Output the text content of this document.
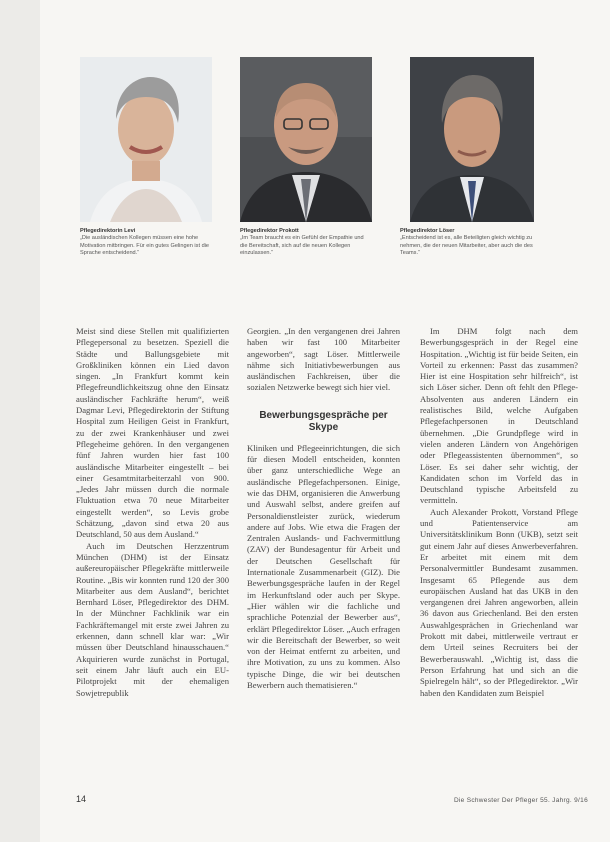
Pflegedirektorin Levi
„Die ausländischen Kollegen müssen eine hohe Motivation mitbringen. Für ein gutes Gelingen ist die Sprache entscheidend.“
Pflegedirektor Prokott
„Im Team braucht es ein Gefühl der Empathie und die Bereitschaft, sich auf die neuen Kollegen einzulassen.“
Pflegedirektor Löser
„Entscheidend ist es, alle Beteiligten gleich wichtig zu nehmen, die der neuen Mitarbeiter, aber auch die des Teams.“

Meist sind diese Stellen mit qualifizierten Pflegepersonal zu besetzen. Speziell die Städte und Ballungsgebiete mit Großkliniken können ein Lied davon singen. „In Frankfurt kommt kein Pflegefreundlichkeitszug ohne den Einsatz ausländischer Fachkräfte herum“, weiß Dagmar Levi, Pflegedirektorin der Stiftung Hospital zum Heiligen Geist in Frankfurt, zu der zwei Krankenhäuser und zwei Pflegeheime gehören. In den vergangenen fünf Jahren wurden hier fast 100 ausländische Mitarbeiter eingestellt – bei einer Gesamtmitarbeiterzahl von 900. „Jedes Jahr müssen durch die normale Fluktuation etwa 70 neue Mitarbeiter eingestellt werden“, so Levis grobe Schätzung, „davon sind etwa 20 aus Deutschland, 50 aus dem Ausland.“

Auch im Deutschen Herzzentrum München (DHM) ist der Einsatz außereuropäischer Pflegekräfte mittlerweile Routine. „Bis wir konnten rund 120 der 300 Mitarbeiter aus dem Ausland“, berichtet Bernhard Löser, Pflegedirektor des DHM. In der Münchner Fachklinik war ein Fachkräftemangel mit erste zwei Jahren zu erkennen, dann schnell klar war: „Wir müssen über Deutschland hinausschauen.“ Akquirieren wurde zunächst in Portugal, seit einem Jahr läuft auch ein EU-Pilotprojekt mit der ehemaligen Sowjetrepublik

Georgien. „In den vergangenen drei Jahren haben wir fast 100 Mitarbeiter angeworben“, sagt Löser. Mittlerweile nähme sich Initiativbewerbungen aus ausländischen Fachkreisen, über die sozialen Netzwerke bewegt sich hier viel.

Bewerbungsgespräche per Skype

Kliniken und Pflegeeinrichtungen, die sich für diesen Modell entscheiden, konnten über ganz unterschiedliche Wege an ausländische Pflegefachpersonen. Einige, wie das DHM, organisieren die Anwerbung und Auswahl selbst, andere greifen auf Personaldienstleister zurück, wiederum andere auf Jobs. Wie etwa die Fragen der Zentralen Auslands- und Fachvermittlung (ZAV) der Bundesagentur für Arbeit und der Deutschen Gesellschaft für Internationale Zusammenarbeit (GIZ). Die Bewerbungsgespräche laufen in der Regel im Herkunftsland oder auch per Skype. „Hier wählen wir die fachliche und sprachliche Potenzial der Bewerber aus“, erklärt Pflegedirektor Löser. „Auch erfragen wir die Bereitschaft der Bewerber, so weit von der Heimat entfernt zu arbeiten, und ihre Motivation, zu uns zu kommen. Also typische Dinge, die wir bei deutschen Bewerbern auch thematisieren.“

Im DHM folgt nach dem Bewerbungsgespräch in der Regel eine Hospitation. „Wichtig ist für beide Seiten, ein Vorteil zu erkennen: Passt das zusammen? Hier ist eine Hospitation sehr hilfreich“, ist sich Löser sicher. Denn oft fehlt den Pflege-Absolventen aus anderen Ländern ein realistisches Bild, welche Aufgaben Pflegefachpersonen in Deutschland übernehmen. „Die Grundpflege wird in vielen anderen Ländern von Angehörigen oder Pflegeassistenten übernommen“, so Löser. Es sei daher sehr wichtig, der Kandidaten schon im Vorfeld das in Deutschland typische Arbeitsfeld zu vermitteln.

Auch Alexander Prokott, Vorstand Pflege und Patientenservice am Universitätsklinikum Bonn (UKB), setzt seit gut einem Jahr auf dieses Anwerbeverfahren. Er arbeitet mit einem mit dem Personalvermittler Bundesamt zusammen. Insgesamt 65 Pflegende aus dem europäischen Ausland hat das UKB in den vergangenen drei Jahren angeworben, allein 36 davon aus Griechenland. Bei den ersten Auswahlgesprächen in Griechenland war Prokott mit dabei, mittlerweile vertraut er dem Urteil seines Recruiters bei der Bewerberauswahl. „Wichtig ist, dass die Person Erfahrung hat und sich an die Spielregeln hält“, so der Pflegedirektor. „Wir haben den Kandidaten zum Beispiel

14	Die Schwester Der Pfleger 55. Jahrg. 9/16
